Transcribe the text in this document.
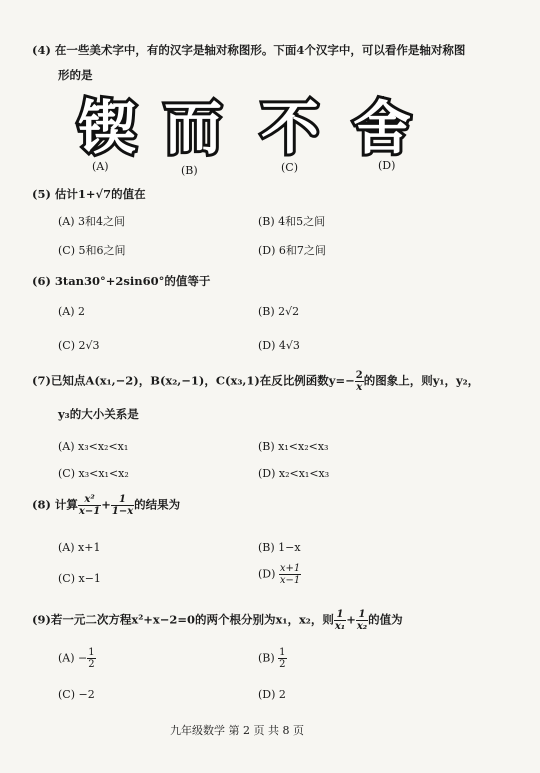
(4) 在一些美术字中，有的汉字是轴对称图形。下面4个汉字中，可以看作是轴对称图
形的是
锲 而 不 舍
(A)	(B)	(C)	(D)
(5) 估计1+√7的值在
(A) 3和4之间	(B) 4和5之间
(C) 5和6之间	(D) 6和7之间
(6) 3tan30°+2sin60°的值等于
(A) 2	(B) 2√2
(C) 2√3	(D) 4√3
(7)已知点A(x₁,−2)，B(x₂,−1)，C(x₃,1)在反比例函数$y=- \frac{2}{x}$ 的图象上，则y₁，y₂，
y₃的大小关系是
(A) x₃<x₂<x₁	(B) x₁<x₂<x₃
(C) x₃<x₁<x₂	(D) x₂<x₁<x₃
(8) 计算 $\frac{\text{x²}}{x-1} + \frac{1}{1-x}$ 的结果为
(A) x+1	(B) 1−x
(C) x−1	$(D) \frac{x+1}{x-1}$
(9)若一元二次方程x²+x−2=0的两个根分别为x₁，x₂，则 $\frac{1}{\text{x₁}} + \frac{1}{\text{x₂}}$ 的值为
$(A) - \frac{1}{2}$	$(B) \frac{1}{2}$
(C) −2	(D) 2
九年级数学 第 2 页 共 8 页
